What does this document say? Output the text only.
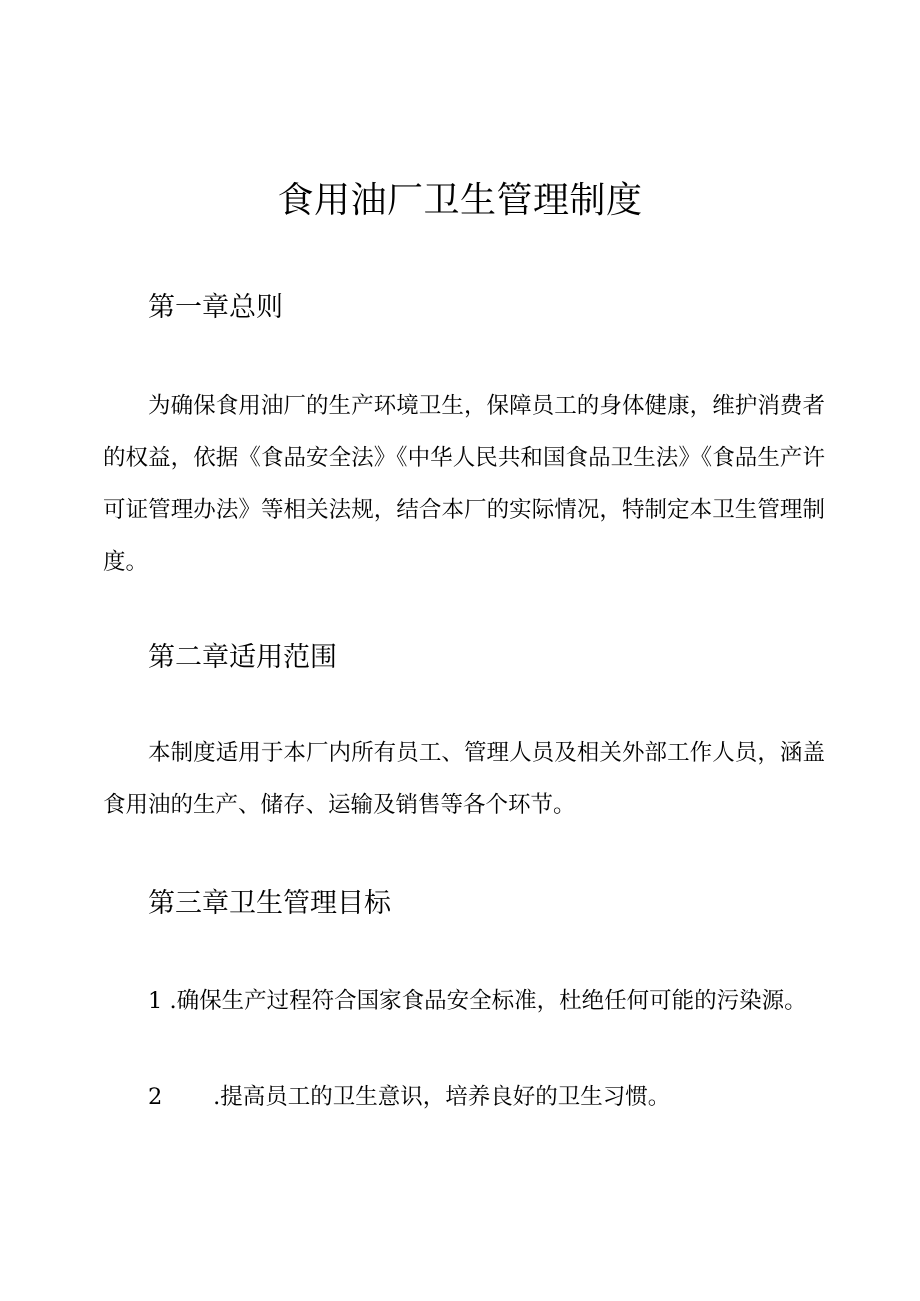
食用油厂卫生管理制度
第一章总则

为确保食用油厂的生产环境卫生，保障员工的身体健康，维护消费者的权益，依据《食品安全法》《中华人民共和国食品卫生法》《食品生产许可证管理办法》等相关法规，结合本厂的实际情况，特制定本卫生管理制度。

第二章适用范围

本制度适用于本厂内所有员工、管理人员及相关外部工作人员，涵盖食用油的生产、储存、运输及销售等各个环节。

第三章卫生管理目标

1 .确保生产过程符合国家食品安全标准，杜绝任何可能的污染源。

2 .提高员工的卫生意识，培养良好的卫生习惯。
